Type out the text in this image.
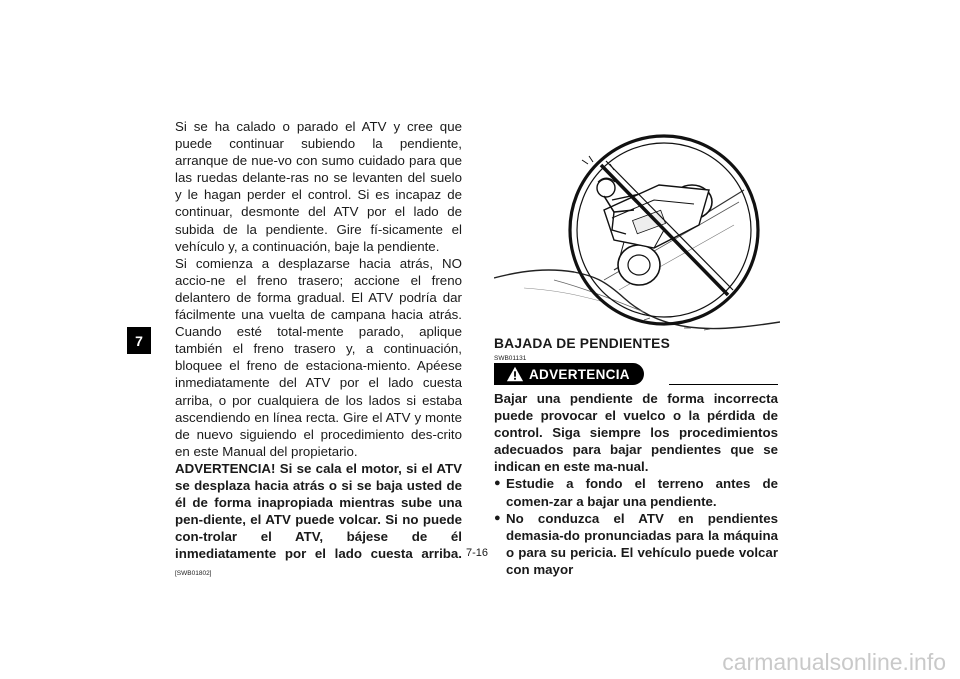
7

Si se ha calado o parado el ATV y cree que puede continuar subiendo la pendiente, arranque de nue-vo con sumo cuidado para que las ruedas delante-ras no se levanten del suelo y le hagan perder el control. Si es incapaz de continuar, desmonte del ATV por el lado de subida de la pendiente. Gire fí-sicamente el vehículo y, a continuación, baje la pendiente.

Si comienza a desplazarse hacia atrás, NO accio-ne el freno trasero; accione el freno delantero de forma gradual. El ATV podría dar fácilmente una vuelta de campana hacia atrás. Cuando esté total-mente parado, aplique también el freno trasero y, a continuación, bloquee el freno de estaciona-miento. Apéese inmediatamente del ATV por el lado cuesta arriba, o por cualquiera de los lados si estaba ascendiendo en línea recta. Gire el ATV y monte de nuevo siguiendo el procedimiento des-crito en este Manual del propietario.

ADVERTENCIA! Si se cala el motor, si el ATV se desplaza hacia atrás o si se baja usted de él de forma inapropiada mientras sube una pen-diente, el ATV puede volcar. Si no puede con-trolar el ATV, bájese de él inmediatamente por el lado cuesta arriba.[SWB01802]

BAJADA DE PENDIENTES
SWB01131
ADVERTENCIA

Bajar una pendiente de forma incorrecta puede provocar el vuelco o la pérdida de control. Siga siempre los procedimientos adecuados para bajar pendientes que se indican en este ma-nual.

● Estudie a fondo el terreno antes de comen-zar a bajar una pendiente.
● No conduzca el ATV en pendientes demasia-do pronunciadas para la máquina o para su pericia. El vehículo puede volcar con mayor
7-16
carmanualsonline.info
